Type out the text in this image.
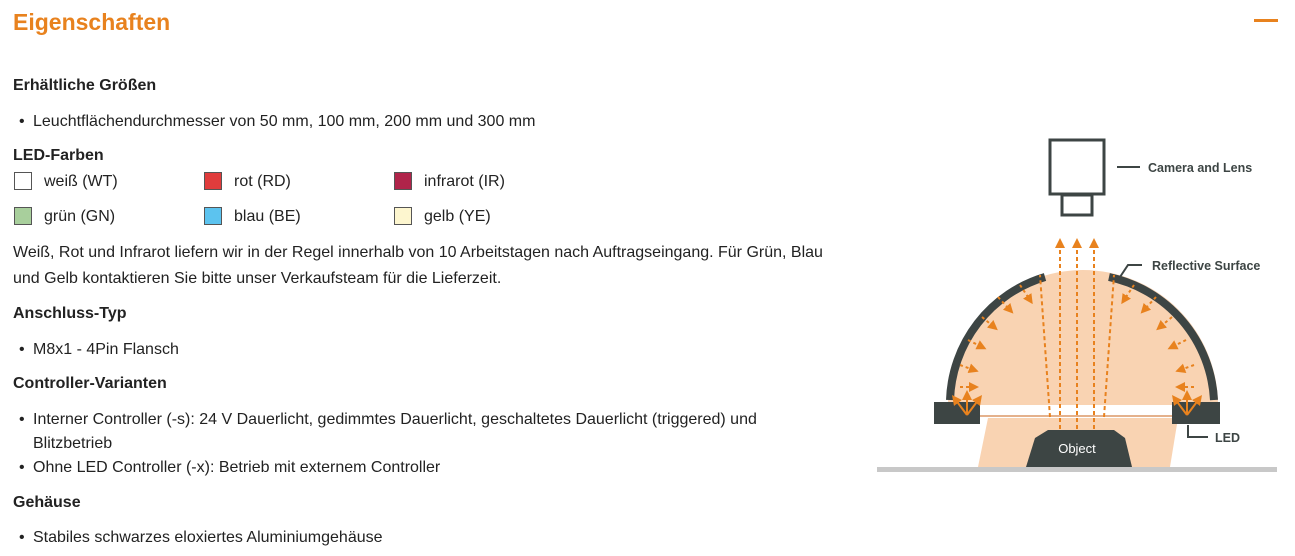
Eigenschaften
Erhältliche Größen
• Leuchtflächendurchmesser von 50 mm, 100 mm, 200 mm und 300 mm
LED-Farben
weiß (WT)	rot (RD)	infrarot (IR)
grün (GN)	blau (BE)	gelb (YE)
Weiß, Rot und Infrarot liefern wir in der Regel innerhalb von 10 Arbeitstagen nach Auftragseingang. Für Grün, Blau
und Gelb kontaktieren Sie bitte unser Verkaufsteam für die Lieferzeit.
Anschluss-Typ
• M8x1 - 4Pin Flansch
Controller-Varianten
• Interner Controller (-s): 24 V Dauerlicht, gedimmtes Dauerlicht, geschaltetes Dauerlicht (triggered) und
Blitzbetrieb
• Ohne LED Controller (-x): Betrieb mit externem Controller
Gehäuse
• Stabiles schwarzes eloxiertes Aluminiumgehäuse
Object
Camera and Lens
Reflective Surface
LED
